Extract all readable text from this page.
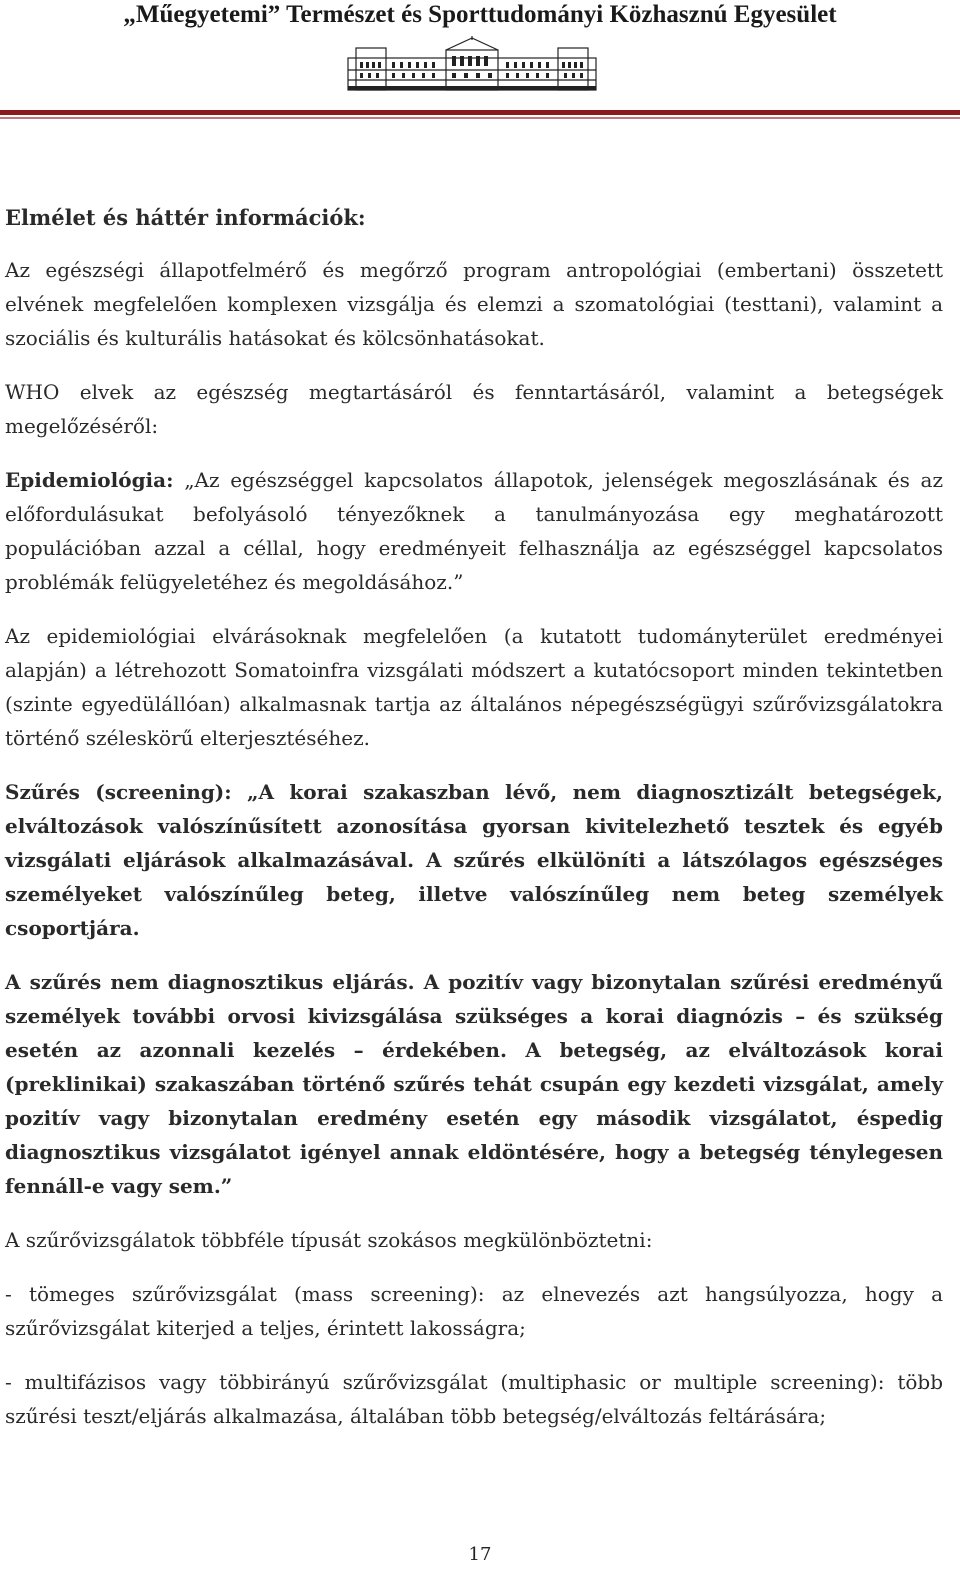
„Műegyetemi” Természet és Sporttudományi Közhasznú Egyesület

Elmélet és háttér információk:

Az egészségi állapotfelmérő és megőrző program antropológiai (embertani) összetett elvének megfelelően komplexen vizsgálja és elemzi a szomatológiai (testtani), valamint a szociális és kulturális hatásokat és kölcsönhatásokat.

WHO elvek az egészség megtartásáról és fenntartásáról, valamint a betegségek megelőzéséről:

Epidemiológia: „Az egészséggel kapcsolatos állapotok, jelenségek megoszlásának és az előfordulásukat befolyásoló tényezőknek a tanulmányozása egy meghatározott populációban azzal a céllal, hogy eredményeit felhasználja az egészséggel kapcsolatos problémák felügyeletéhez és megoldásához.”

Az epidemiológiai elvárásoknak megfelelően (a kutatott tudományterület eredményei alapján) a létrehozott Somatoinfra vizsgálati módszert a kutatócsoport minden tekintetben (szinte egyedülállóan) alkalmasnak tartja az általános népegészségügyi szűrővizsgálatokra történő széleskörű elterjesztéséhez.

Szűrés (screening): „A korai szakaszban lévő, nem diagnosztizált betegségek, elváltozások valószínűsített azonosítása gyorsan kivitelezhető tesztek és egyéb vizsgálati eljárások alkalmazásával. A szűrés elkülöníti a látszólagos egészséges személyeket valószínűleg beteg, illetve valószínűleg nem beteg személyek csoportjára.

A szűrés nem diagnosztikus eljárás. A pozitív vagy bizonytalan szűrési eredményű személyek további orvosi kivizsgálása szükséges a korai diagnózis – és szükség esetén az azonnali kezelés – érdekében. A betegség, az elváltozások korai (preklinikai) szakaszában történő szűrés tehát csupán egy kezdeti vizsgálat, amely pozitív vagy bizonytalan eredmény esetén egy második vizsgálatot, éspedig diagnosztikus vizsgálatot igényel annak eldöntésére, hogy a betegség ténylegesen fennáll-e vagy sem.”

A szűrővizsgálatok többféle típusát szokásos megkülönböztetni:

- tömeges szűrővizsgálat (mass screening): az elnevezés azt hangsúlyozza, hogy a szűrővizsgálat kiterjed a teljes, érintett lakosságra;

- multifázisos vagy többirányú szűrővizsgálat (multiphasic or multiple screening): több szűrési teszt/eljárás alkalmazása, általában több betegség/elváltozás feltárására;

17
